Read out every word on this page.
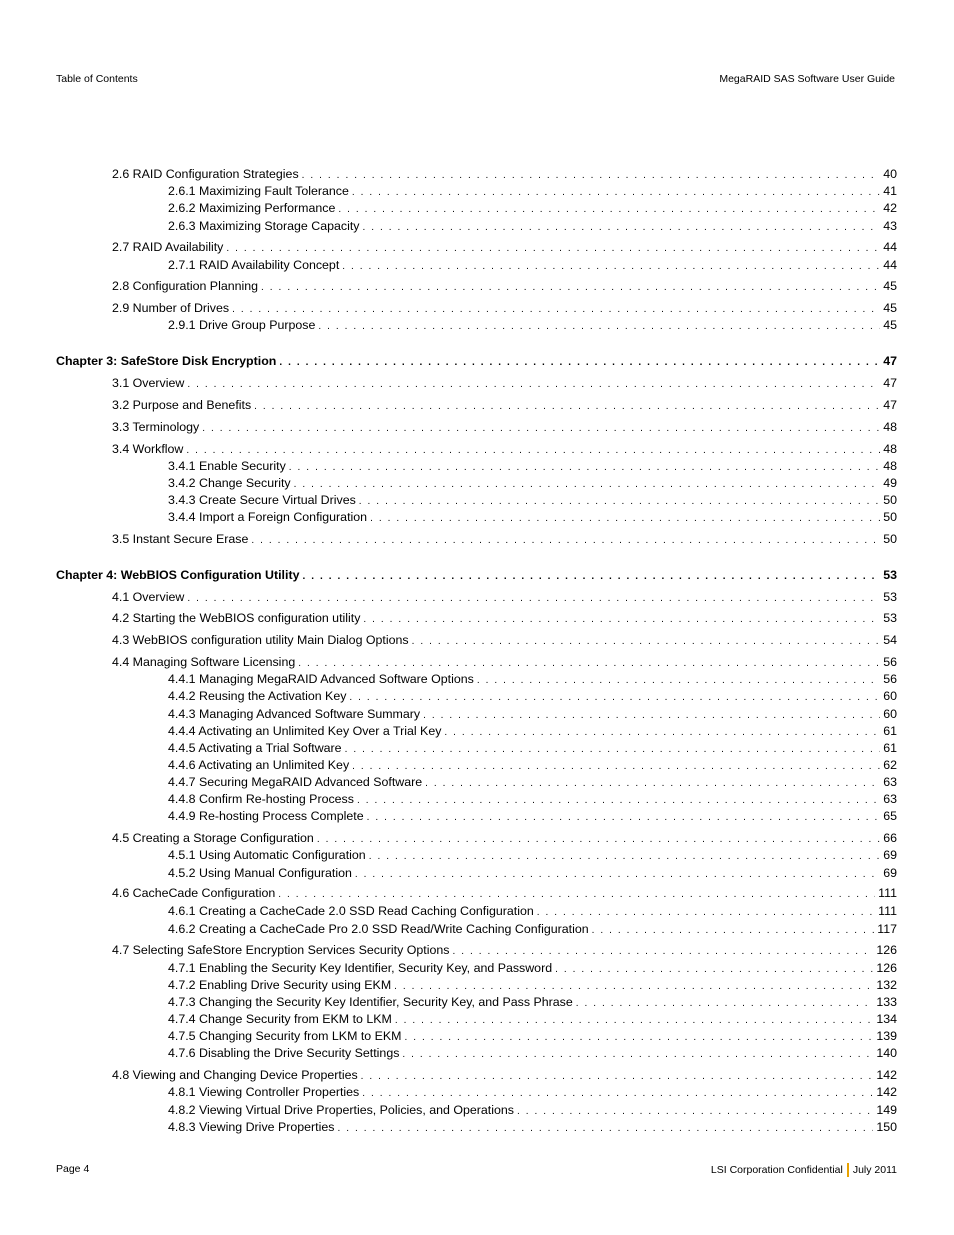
Table of Contents	MegaRAID SAS Software User Guide
2.6 RAID Configuration Strategies . . .	40
2.6.1 Maximizing Fault Tolerance . . .	41
2.6.2 Maximizing Performance . . .	42
2.6.3 Maximizing Storage Capacity . . .	43
2.7 RAID Availability . . .	44
2.7.1 RAID Availability Concept . . .	44
2.8 Configuration Planning . . .	45
2.9 Number of Drives . . .	45
2.9.1 Drive Group Purpose . . .	45
Chapter 3: SafeStore Disk Encryption . . .	47
3.1 Overview . . .	47
3.2 Purpose and Benefits . . .	47
3.3 Terminology . . .	48
3.4 Workflow . . .	48
3.4.1 Enable Security . . .	48
3.4.2 Change Security . . .	49
3.4.3 Create Secure Virtual Drives . . .	50
3.4.4 Import a Foreign Configuration . . .	50
3.5 Instant Secure Erase . . .	50
Chapter 4: WebBIOS Configuration Utility . . .	53
4.1 Overview . . .	53
4.2 Starting the WebBIOS configuration utility . . .	53
4.3 WebBIOS configuration utility Main Dialog Options . . .	54
4.4 Managing Software Licensing . . .	56
4.4.1 Managing MegaRAID Advanced Software Options . . .	56
4.4.2 Reusing the Activation Key . . .	60
4.4.3 Managing Advanced Software Summary . . .	60
4.4.4 Activating an Unlimited Key Over a Trial Key . . .	61
4.4.5 Activating a Trial Software . . .	61
4.4.6 Activating an Unlimited Key . . .	62
4.4.7 Securing MegaRAID Advanced Software . . .	63
4.4.8 Confirm Re-hosting Process . . .	63
4.4.9 Re-hosting Process Complete . . .	65
4.5 Creating a Storage Configuration . . .	66
4.5.1 Using Automatic Configuration . . .	69
4.5.2 Using Manual Configuration . . .	69
4.6 CacheCade Configuration . . .	111
4.6.1 Creating a CacheCade 2.0 SSD Read Caching Configuration . . .	111
4.6.2 Creating a CacheCade Pro 2.0 SSD Read/Write Caching Configuration . . .	117
4.7 Selecting SafeStore Encryption Services Security Options . . .	126
4.7.1 Enabling the Security Key Identifier, Security Key, and Password . . .	126
4.7.2 Enabling Drive Security using EKM . . .	132
4.7.3 Changing the Security Key Identifier, Security Key, and Pass Phrase . . .	133
4.7.4 Change Security from EKM to LKM . . .	134
4.7.5 Changing Security from LKM to EKM . . .	139
4.7.6 Disabling the Drive Security Settings . . .	140
4.8 Viewing and Changing Device Properties . . .	142
4.8.1 Viewing Controller Properties . . .	142
4.8.2 Viewing Virtual Drive Properties, Policies, and Operations . . .	149
4.8.3 Viewing Drive Properties . . .	150
Page 4	LSI Corporation Confidential July 2011
